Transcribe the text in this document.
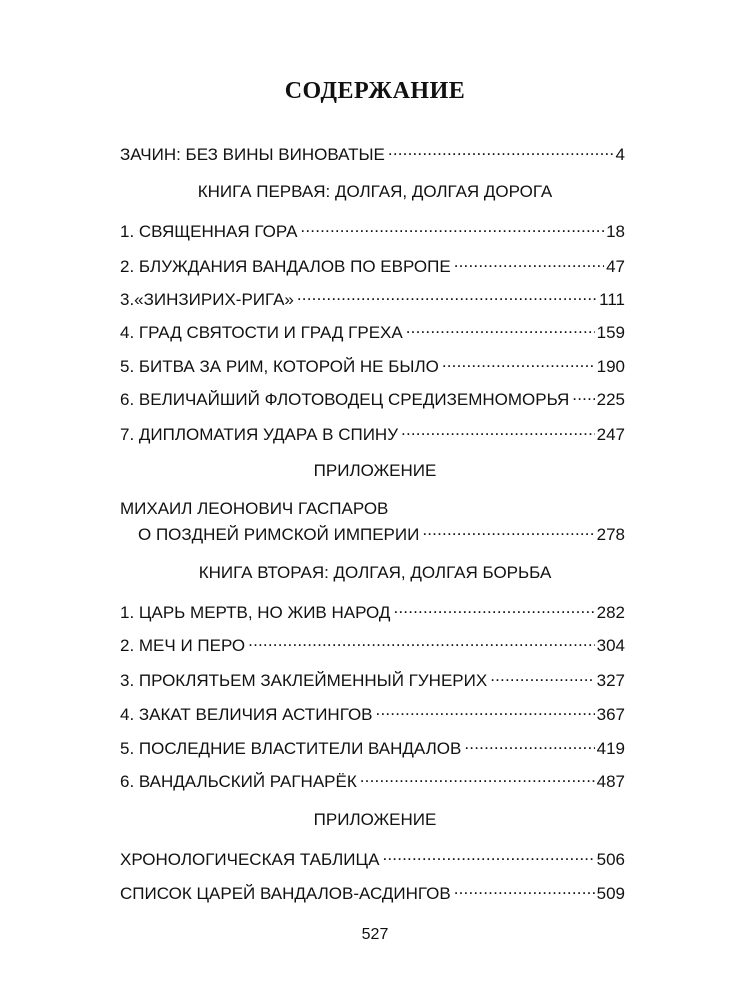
СОДЕРЖАНИЕ
ЗАЧИН: БЕЗ ВИНЫ ВИНОВАТЫЕ .....	4
КНИГА ПЕРВАЯ: ДОЛГАЯ, ДОЛГАЯ ДОРОГА
1. СВЯЩЕННАЯ ГОРА .....	18
2. БЛУЖДАНИЯ ВАНДАЛОВ ПО ЕВРОПЕ .....	47
3.«ЗИНЗИРИХ-РИГА» .....	111
4. ГРАД СВЯТОСТИ И ГРАД ГРЕХА .....	159
5. БИТВА ЗА РИМ, КОТОРОЙ НЕ БЫЛО .....	190
6. ВЕЛИЧАЙШИЙ ФЛОТОВОДЕЦ СРЕДИЗЕМНОМОРЬЯ ..... 225
7. ДИПЛОМАТИЯ УДАРА В СПИНУ .....	247
ПРИЛОЖЕНИЕ
МИХАИЛ ЛЕОНОВИЧ ГАСПАРОВ
О ПОЗДНЕЙ РИМСКОЙ ИМПЕРИИ .....	278
КНИГА ВТОРАЯ: ДОЛГАЯ, ДОЛГАЯ БОРЬБА
1. ЦАРЬ МЕРТВ, НО ЖИВ НАРОД .....	282
2. МЕЧ И ПЕРО .....	304
3. ПРОКЛЯТЬЕМ ЗАКЛЕЙМЕННЫЙ ГУНЕРИХ .....	327
4. ЗАКАТ ВЕЛИЧИЯ АСТИНГОВ .....	367
5. ПОСЛЕДНИЕ ВЛАСТИТЕЛИ ВАНДАЛОВ .....	419
6. ВАНДАЛЬСКИЙ РАГНАРЁК .....	487
ПРИЛОЖЕНИЕ
ХРОНОЛОГИЧЕСКАЯ ТАБЛИЦА .....	506
СПИСОК ЦАРЕЙ ВАНДАЛОВ-АСДИНГОВ .....	509
527
